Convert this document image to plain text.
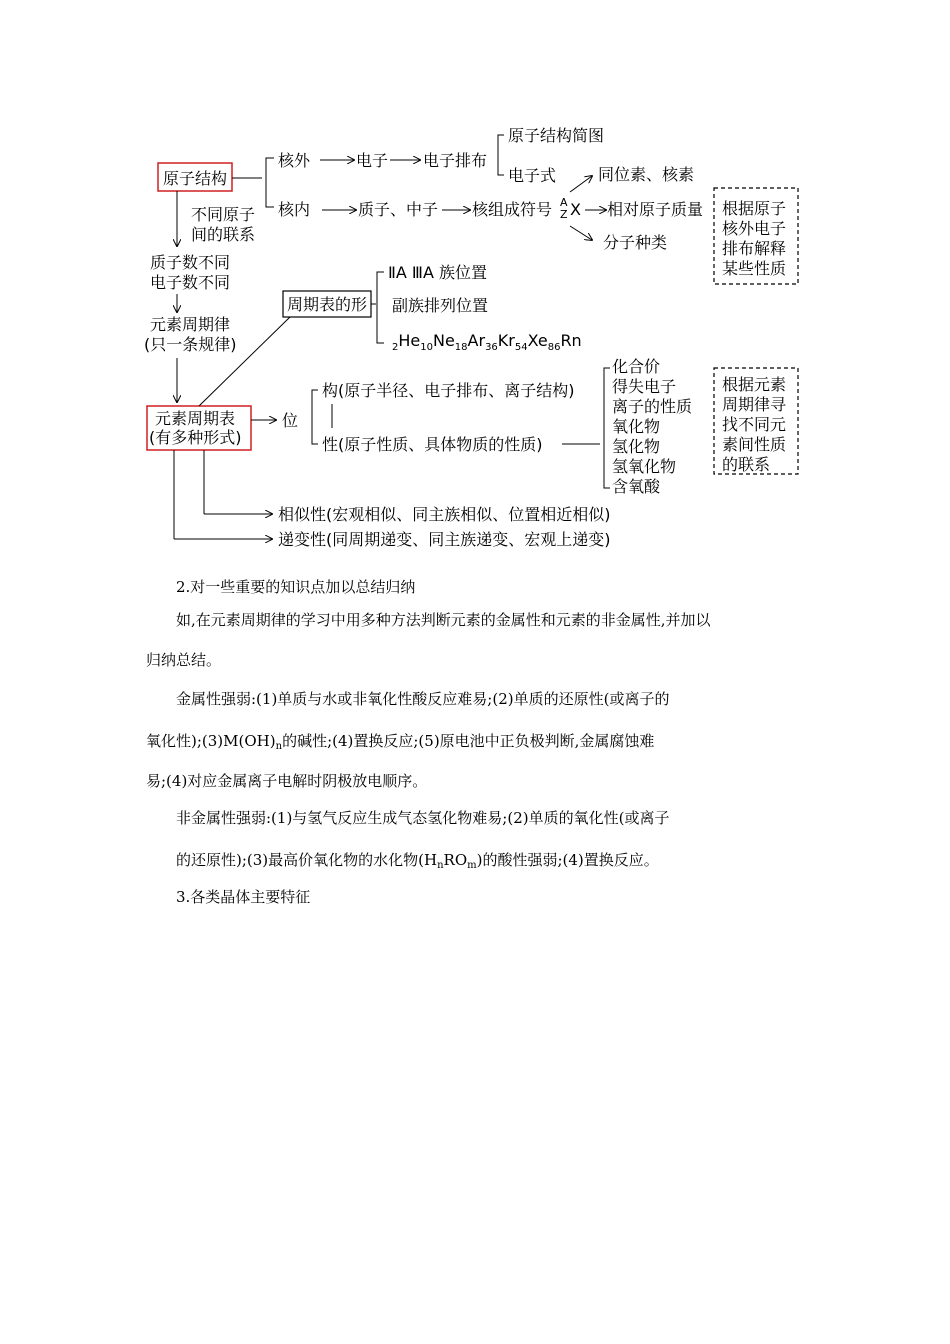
原子结构
核外
核内
电子 电子排布
原子结构简图
电子式	同位素、核素
质子、中子 核组成符号 A
Z X 相对原子质量
分子种类
根据原子
核外电子
排布解释
某些性质
不同原子
间的联系
质子数不同
电子数不同
元素周期律
(只一条规律)
周期表的形
ⅡA ⅢA 族位置
副族排列位置
$_2He_{10}Ne_{18}Ar_{36}Kr_{54}Xe_{86}Rn$
元素周期表
(有多种形式)
位
构(原子半径、电子排布、离子结构)
性(原子性质、具体物质的性质)
化合价
得失电子
离子的性质
氧化物
氢化物
氢氧化物
含氧酸
根据元素
周期律寻
找不同元
素间性质
的联系
相似性(宏观相似、同主族相似、位置相近相似)
递变性(同周期递变、同主族递变、宏观上递变)
2.对一些重要的知识点加以总结归纳
如,在元素周期律的学习中用多种方法判断元素的金属性和元素的非金属性,并加以
归纳总结。
金属性强弱:(1)单质与水或非氧化性酸反应难易;(2)单质的还原性(或离子的
氧化性)$;(3)M(OH)_n$的碱性;(4)置换反应;(5)原电池中正负极判断,金属腐蚀难
易;(4)对应金属离子电解时阴极放电顺序。
非金属性强弱:(1)与氢气反应生成气态氢化物难易;(2)单质的氧化性(或离子
的还原性);(3)最高价氧化物的水化物$(H_nRO_m)$的酸性强弱;(4)置换反应。
3.各类晶体主要特征
